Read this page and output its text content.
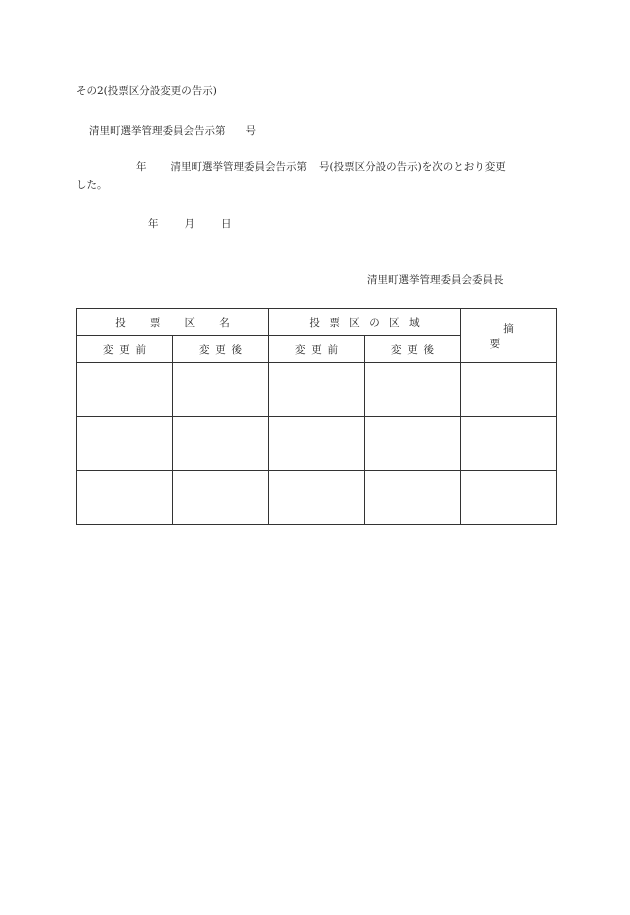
その2(投票区分設変更の告示)
清里町選挙管理委員会告示第 号
年 清里町選挙管理委員会告示第 号(投票区分設の告示)を次のとおり変更
した。
年 月 日
清里町選挙管理委員会委員長
投票区名		投票区の区域		摘要
変更前	変更後	変更前	変更後	
